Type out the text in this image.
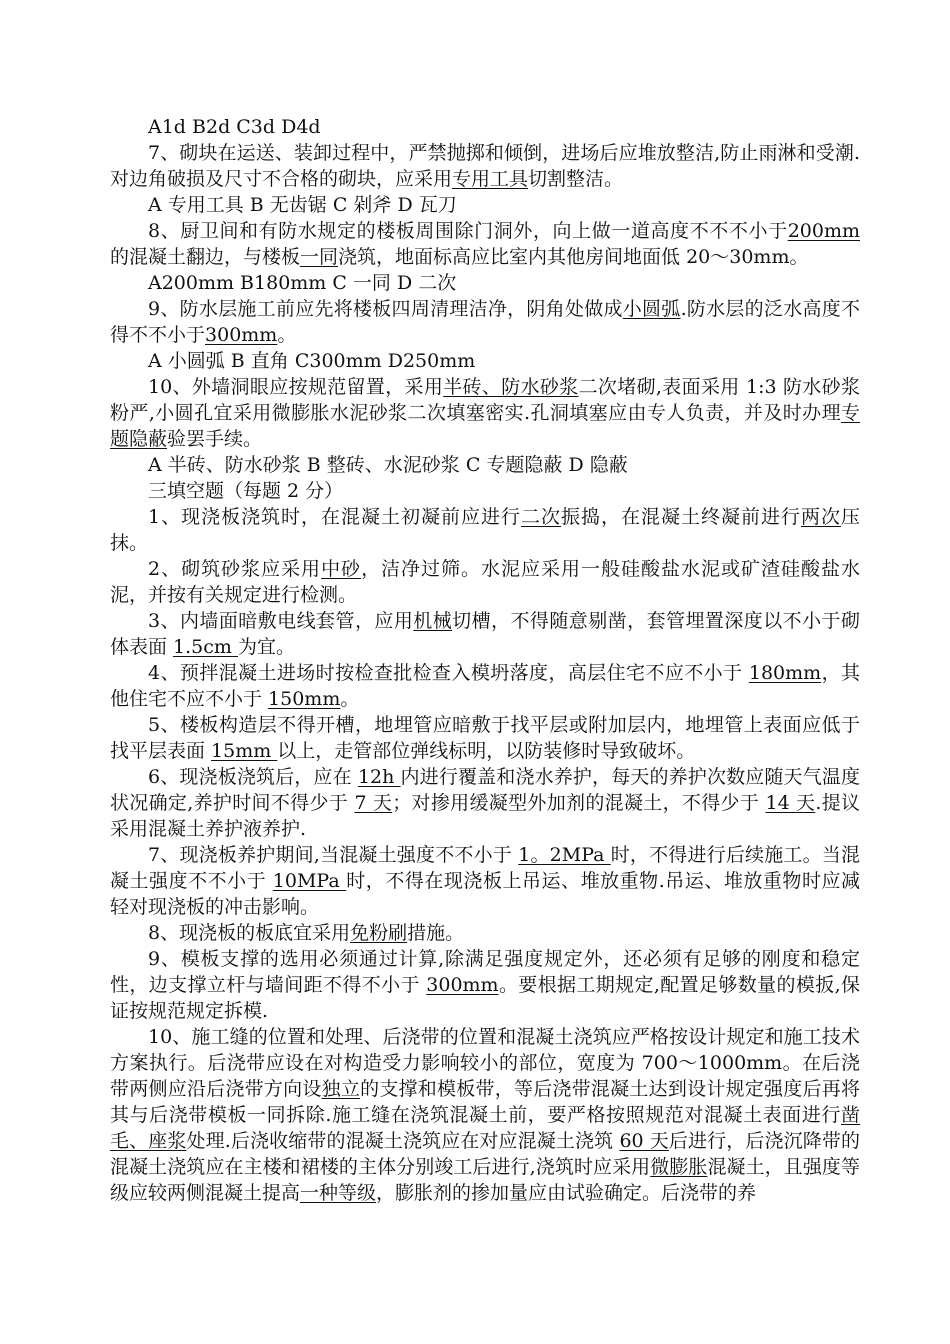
A1d B2d C3d D4d

7、砌块在运送、装卸过程中，严禁抛掷和倾倒，进场后应堆放整洁,防止雨淋和受潮.对边角破损及尺寸不合格的砌块，应采用专用工具切割整洁。

A 专用工具 B 无齿锯 C 剁斧 D 瓦刀

8、厨卫间和有防水规定的楼板周围除门洞外，向上做一道高度不不不小于200mm 的混凝土翻边，与楼板一同浇筑，地面标高应比室内其他房间地面低 20～30mm。

A200mm B180mm C 一同 D 二次

9、防水层施工前应先将楼板四周清理洁净，阴角处做成小圆弧.防水层的泛水高度不得不不小于300mm。

A 小圆弧 B 直角 C300mm D250mm

10、外墙洞眼应按规范留置，采用半砖、防水砂浆二次堵砌,表面采用 1:3 防水砂浆粉严,小圆孔宜采用微膨胀水泥砂浆二次填塞密实.孔洞填塞应由专人负责，并及时办理专题隐蔽验罢手续。

A 半砖、防水砂浆 B 整砖、水泥砂浆 C 专题隐蔽 D 隐蔽

三填空题（每题 2 分）

1、现浇板浇筑时，在混凝土初凝前应进行二次振捣，在混凝土终凝前进行两次压抹。

2、砌筑砂浆应采用中砂，洁净过筛。水泥应采用一般硅酸盐水泥或矿渣硅酸盐水泥，并按有关规定进行检测。

3、内墙面暗敷电线套管，应用机械切槽，不得随意剔凿，套管埋置深度以不小于砌体表面 1.5cm 为宜。

4、预拌混凝土进场时按检查批检查入模坍落度，高层住宅不应不小于 180mm，其他住宅不应不小于 150mm。

5、楼板构造层不得开槽，地埋管应暗敷于找平层或附加层内，地埋管上表面应低于找平层表面 15mm 以上，走管部位弹线标明，以防装修时导致破坏。

6、现浇板浇筑后，应在 12h 内进行覆盖和浇水养护，每天的养护次数应随天气温度状况确定,养护时间不得少于 7 天；对掺用缓凝型外加剂的混凝土，不得少于 14 天.提议采用混凝土养护液养护.

7、现浇板养护期间,当混凝土强度不不小于 1。2MPa 时，不得进行后续施工。当混凝土强度不不小于 10MPa 时，不得在现浇板上吊运、堆放重物.吊运、堆放重物时应减轻对现浇板的冲击影响。

8、现浇板的板底宜采用免粉刷措施。

9、模板支撑的选用必须通过计算,除满足强度规定外，还必须有足够的刚度和稳定性，边支撑立杆与墙间距不得不小于 300mm。要根据工期规定,配置足够数量的模扳,保证按规范规定拆模.

10、施工缝的位置和处理、后浇带的位置和混凝土浇筑应严格按设计规定和施工技术方案执行。后浇带应设在对构造受力影响较小的部位，宽度为 700～1000mm。在后浇带两侧应沿后浇带方向设独立的支撑和模板带，等后浇带混凝土达到设计规定强度后再将其与后浇带模板一同拆除.施工缝在浇筑混凝土前，要严格按照规范对混凝土表面进行凿毛、座浆处理.后浇收缩带的混凝土浇筑应在对应混凝土浇筑 60 天后进行，后浇沉降带的混凝土浇筑应在主楼和裙楼的主体分别竣工后进行,浇筑时应采用微膨胀混凝土，且强度等级应较两侧混凝土提高一种等级，膨胀剂的掺加量应由试验确定。后浇带的养
